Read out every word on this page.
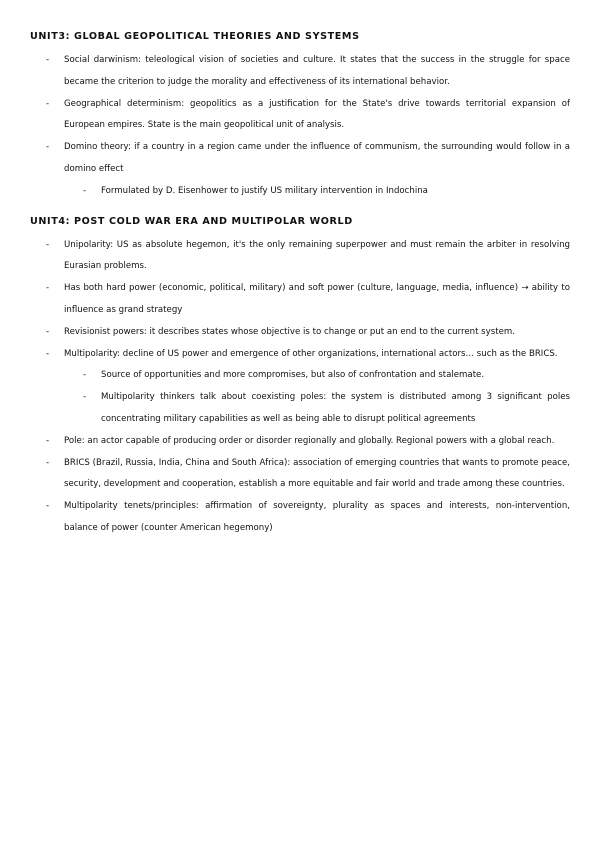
UNIT3: GLOBAL GEOPOLITICAL THEORIES AND SYSTEMS
- Social darwinism: teleological vision of societies and culture. It states that the success in the struggle for space became the criterion to judge the morality and effectiveness of its international behavior.
- Geographical determinism: geopolitics as a justification for the State's drive towards territorial expansion of European empires. State is the main geopolitical unit of analysis.
- Domino theory: if a country in a region came under the influence of communism, the surrounding would follow in a domino effect
- Formulated by D. Eisenhower to justify US military intervention in Indochina
UNIT4: POST COLD WAR ERA AND MULTIPOLAR WORLD
- Unipolarity: US as absolute hegemon, it's the only remaining superpower and must remain the arbiter in resolving Eurasian problems.
- Has both hard power (economic, political, military) and soft power (culture, language, media, influence) → ability to influence as grand strategy
- Revisionist powers: it describes states whose objective is to change or put an end to the current system.
- Multipolarity: decline of US power and emergence of other organizations, international actors… such as the BRICS.
- Source of opportunities and more compromises, but also of confrontation and stalemate.
- Multipolarity thinkers talk about coexisting poles: the system is distributed among 3 significant poles concentrating military capabilities as well as being able to disrupt political agreements
- Pole: an actor capable of producing order or disorder regionally and globally. Regional powers with a global reach.
- BRICS (Brazil, Russia, India, China and South Africa): association of emerging countries that wants to promote peace, security, development and cooperation, establish a more equitable and fair world and trade among these countries.
- Multipolarity tenets/principles: affirmation of sovereignty, plurality as spaces and interests, non-intervention, balance of power (counter American hegemony)
